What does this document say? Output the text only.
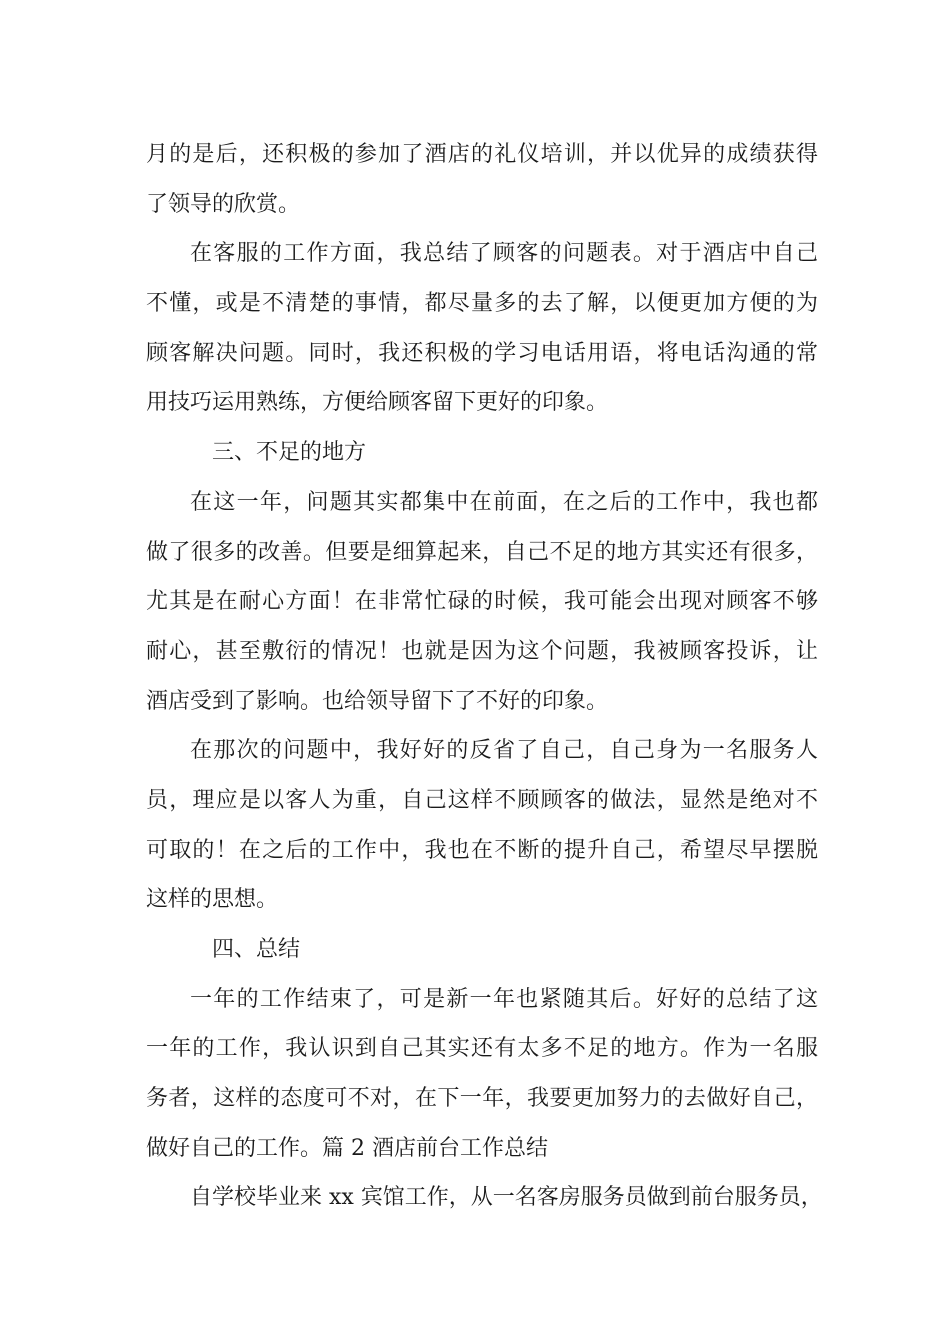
月的是后，还积极的参加了酒店的礼仪培训，并以优异的成绩获得
了领导的欣赏。
在客服的工作方面，我总结了顾客的问题表。对于酒店中自己
不懂，或是不清楚的事情，都尽量多的去了解，以便更加方便的为
顾客解决问题。同时，我还积极的学习电话用语，将电话沟通的常
用技巧运用熟练，方便给顾客留下更好的印象。
三、不足的地方
在这一年，问题其实都集中在前面，在之后的工作中，我也都
做了很多的改善。但要是细算起来，自己不足的地方其实还有很多，
尤其是在耐心方面！在非常忙碌的时候，我可能会出现对顾客不够
耐心，甚至敷衍的情况！也就是因为这个问题，我被顾客投诉，让
酒店受到了影响。也给领导留下了不好的印象。
在那次的问题中，我好好的反省了自己，自己身为一名服务人
员，理应是以客人为重，自己这样不顾顾客的做法，显然是绝对不
可取的！在之后的工作中，我也在不断的提升自己，希望尽早摆脱
这样的思想。
四、总结
一年的工作结束了，可是新一年也紧随其后。好好的总结了这
一年的工作，我认识到自己其实还有太多不足的地方。作为一名服
务者，这样的态度可不对，在下一年，我要更加努力的去做好自己，
做好自己的工作。篇 2 酒店前台工作总结
自学校毕业来 xx 宾馆工作，从一名客房服务员做到前台服务员，
